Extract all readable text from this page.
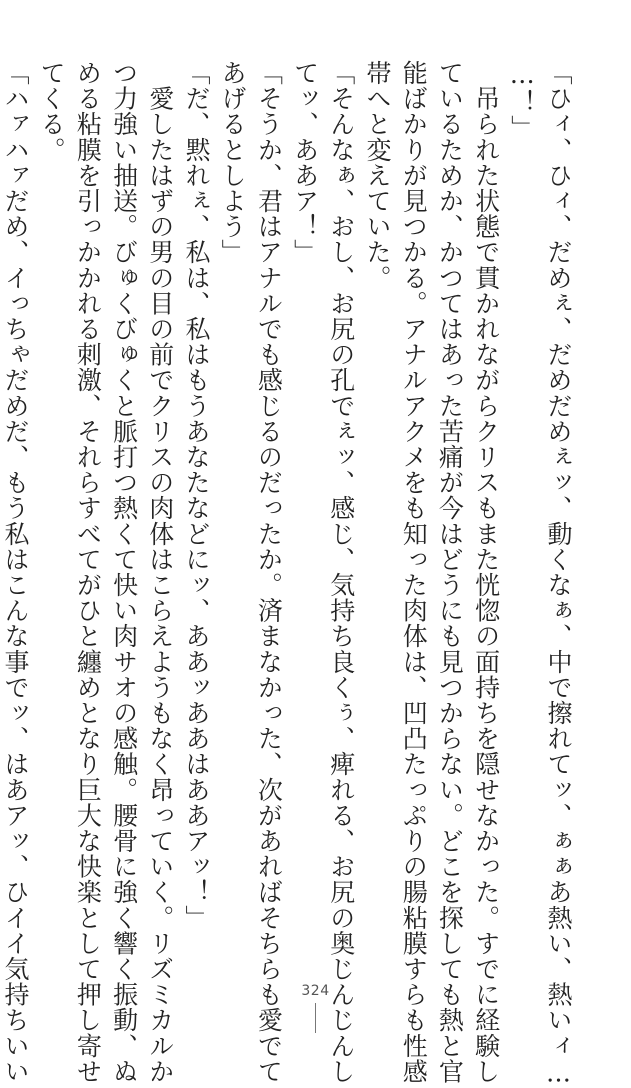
「ひィ、ひィ、だめぇ、だめだめぇッ、動くなぁ、中で擦れてッ、ぁぁあ熱い、熱いィ…
…！」
　吊られた状態で貫かれながらクリスもまた恍惚の面持ちを隠せなかった。すでに経験し
ているためか、かつてはあった苦痛が今はどうにも見つからない。どこを探しても熱と官
能ばかりが見つかる。アナルアクメをも知った肉体は、凹凸たっぷりの腸粘膜すらも性感
帯へと変えていた。
「そんなぁ、おし、お尻の孔でぇッ、感じ、気持ち良くぅ、痺れる、お尻の奥じんじんし
てッ、ああア！」
「そうか、君はアナルでも感じるのだったか。済まなかった、次があればそちらも愛でて
あげるとしよう」
「だ、黙れぇ、私は、私はもうあなたなどにッ、ああッああはああアッ！」
　愛したはずの男の目の前でクリスの肉体はこらえようもなく昂っていく。リズミカルか
つ力強い抽送。びゅくびゅくと脈打つ熱くて快い肉サオの感触。腰骨に強く響く振動、ぬ
める粘膜を引っかかれる刺激、それらすべてがひと纏めとなり巨大な快楽として押し寄せ
てくる。
「ハァハァだめ、イっちゃだめだ、もう私はこんな事でッ、はあアッ、ひイイ気持ちいい	324
